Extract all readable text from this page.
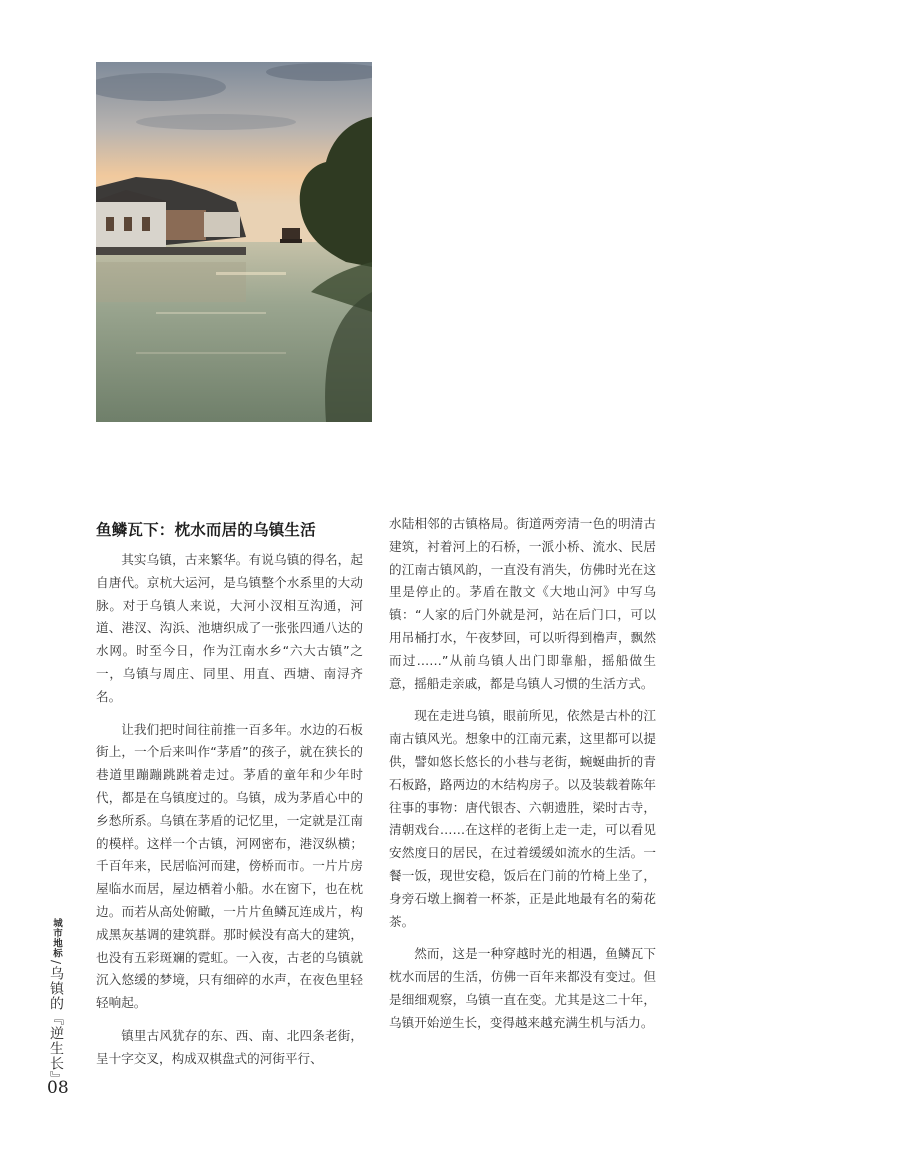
鱼鳞瓦下：枕水而居的乌镇生活

其实乌镇，古来繁华。有说乌镇的得名，起自唐代。京杭大运河，是乌镇整个水系里的大动脉。对于乌镇人来说，大河小汊相互沟通，河道、港汊、沟浜、池塘织成了一张张四通八达的水网。时至今日，作为江南水乡“六大古镇”之一，乌镇与周庄、同里、用直、西塘、南浔齐名。

让我们把时间往前推一百多年。水边的石板街上，一个后来叫作“茅盾”的孩子，就在狭长的巷道里蹦蹦跳跳着走过。茅盾的童年和少年时代，都是在乌镇度过的。乌镇，成为茅盾心中的乡愁所系。乌镇在茅盾的记忆里，一定就是江南的模样。这样一个古镇，河网密布，港汊纵横；千百年来，民居临河而建，傍桥而市。一片片房屋临水而居，屋边栖着小船。水在窗下，也在枕边。而若从高处俯瞰，一片片鱼鳞瓦连成片，构成黑灰基调的建筑群。那时候没有高大的建筑，也没有五彩斑斓的霓虹。一入夜，古老的乌镇就沉入悠缓的梦境，只有细碎的水声，在夜色里轻轻响起。

镇里古风犹存的东、西、南、北四条老街，呈十字交叉，构成双棋盘式的河街平行、

水陆相邻的古镇格局。街道两旁清一色的明清古建筑，衬着河上的石桥，一派小桥、流水、民居的江南古镇风韵，一直没有消失，仿佛时光在这里是停止的。茅盾在散文《大地山河》中写乌镇：“人家的后门外就是河，站在后门口，可以用吊桶打水，午夜梦回，可以听得到橹声，飘然而过……”从前乌镇人出门即靠船，摇船做生意，摇船走亲戚，都是乌镇人习惯的生活方式。

现在走进乌镇，眼前所见，依然是古朴的江南古镇风光。想象中的江南元素，这里都可以提供，譬如悠长悠长的小巷与老街，蜿蜒曲折的青石板路，路两边的木结构房子。以及装载着陈年往事的事物：唐代银杏、六朝遗胜，梁时古寺，清朝戏台……在这样的老街上走一走，可以看见安然度日的居民，在过着缓缓如流水的生活。一餐一饭，现世安稳，饭后在门前的竹椅上坐了，身旁石墩上搁着一杯茶，正是此地最有名的菊花茶。

然而，这是一种穿越时光的相遇，鱼鳞瓦下枕水而居的生活，仿佛一百年来都没有变过。但是细细观察，乌镇一直在变。尤其是这二十年，乌镇开始逆生长，变得越来越充满生机与活力。

城市地标
/
乌镇的『逆生长』
08
